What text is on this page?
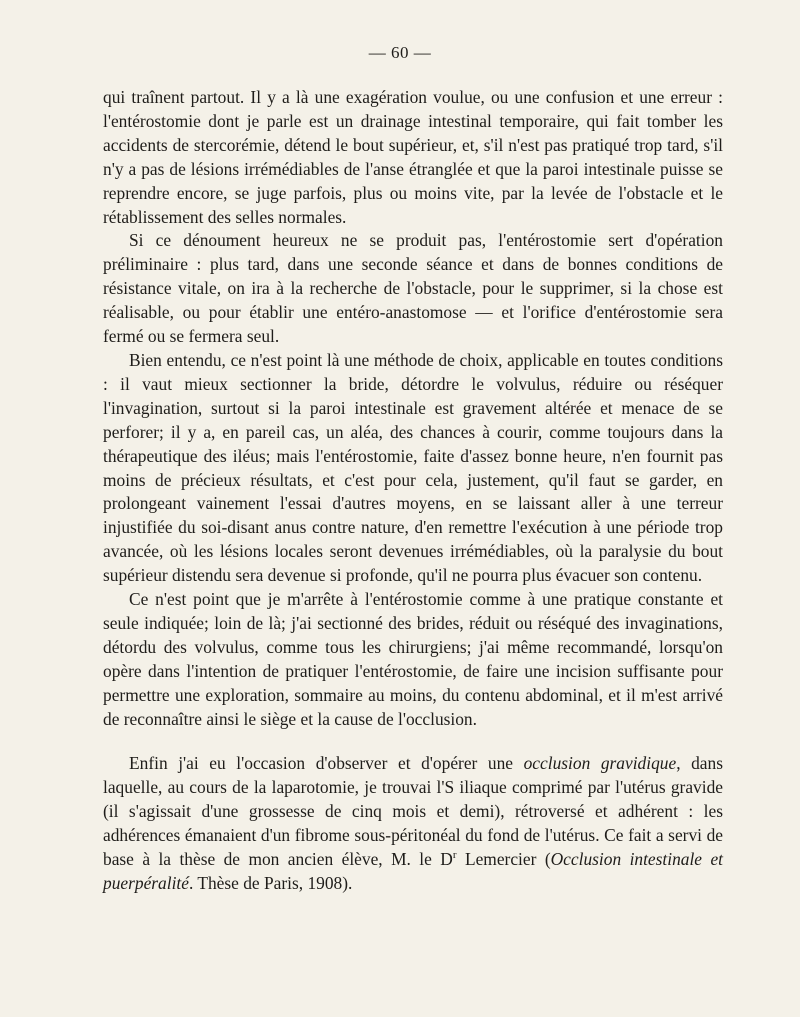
— 60 —

qui traînent partout. Il y a là une exagération voulue, ou une confusion et une erreur : l'entérostomie dont je parle est un drainage intestinal temporaire, qui fait tomber les accidents de stercorémie, détend le bout supérieur, et, s'il n'est pas pratiqué trop tard, s'il n'y a pas de lésions irrémédiables de l'anse étranglée et que la paroi intestinale puisse se reprendre encore, se juge parfois, plus ou moins vite, par la levée de l'obstacle et le rétablissement des selles normales.

Si ce dénoument heureux ne se produit pas, l'entérostomie sert d'opération préliminaire : plus tard, dans une seconde séance et dans de bonnes conditions de résistance vitale, on ira à la recherche de l'obstacle, pour le supprimer, si la chose est réalisable, ou pour établir une entéro-anastomose — et l'orifice d'entérostomie sera fermé ou se fermera seul.

Bien entendu, ce n'est point là une méthode de choix, applicable en toutes conditions : il vaut mieux sectionner la bride, détordre le volvulus, réduire ou réséquer l'invagination, surtout si la paroi intestinale est gravement altérée et menace de se perforer; il y a, en pareil cas, un aléa, des chances à courir, comme toujours dans la thérapeutique des iléus; mais l'entérostomie, faite d'assez bonne heure, n'en fournit pas moins de précieux résultats, et c'est pour cela, justement, qu'il faut se garder, en prolongeant vainement l'essai d'autres moyens, en se laissant aller à une terreur injustifiée du soi-disant anus contre nature, d'en remettre l'exécution à une période trop avancée, où les lésions locales seront devenues irrémédiables, où la paralysie du bout supérieur distendu sera devenue si profonde, qu'il ne pourra plus évacuer son contenu.

Ce n'est point que je m'arrête à l'entérostomie comme à une pratique constante et seule indiquée; loin de là; j'ai sectionné des brides, réduit ou réséqué des invaginations, détordu des volvulus, comme tous les chirurgiens; j'ai même recommandé, lorsqu'on opère dans l'intention de pratiquer l'entérostomie, de faire une incision suffisante pour permettre une exploration, sommaire au moins, du contenu abdominal, et il m'est arrivé de reconnaître ainsi le siège et la cause de l'occlusion.

Enfin j'ai eu l'occasion d'observer et d'opérer une occlusion gravidique, dans laquelle, au cours de la laparotomie, je trouvai l'S iliaque comprimé par l'utérus gravide (il s'agissait d'une grossesse de cinq mois et demi), rétroversé et adhérent : les adhérences émanaient d'un fibrome sous-péritonéal du fond de l'utérus. Ce fait a servi de base à la thèse de mon ancien élève, M. le $D^r$ Lemercier (Occlusion intestinale et puerpéralité. Thèse de Paris, 1908).
